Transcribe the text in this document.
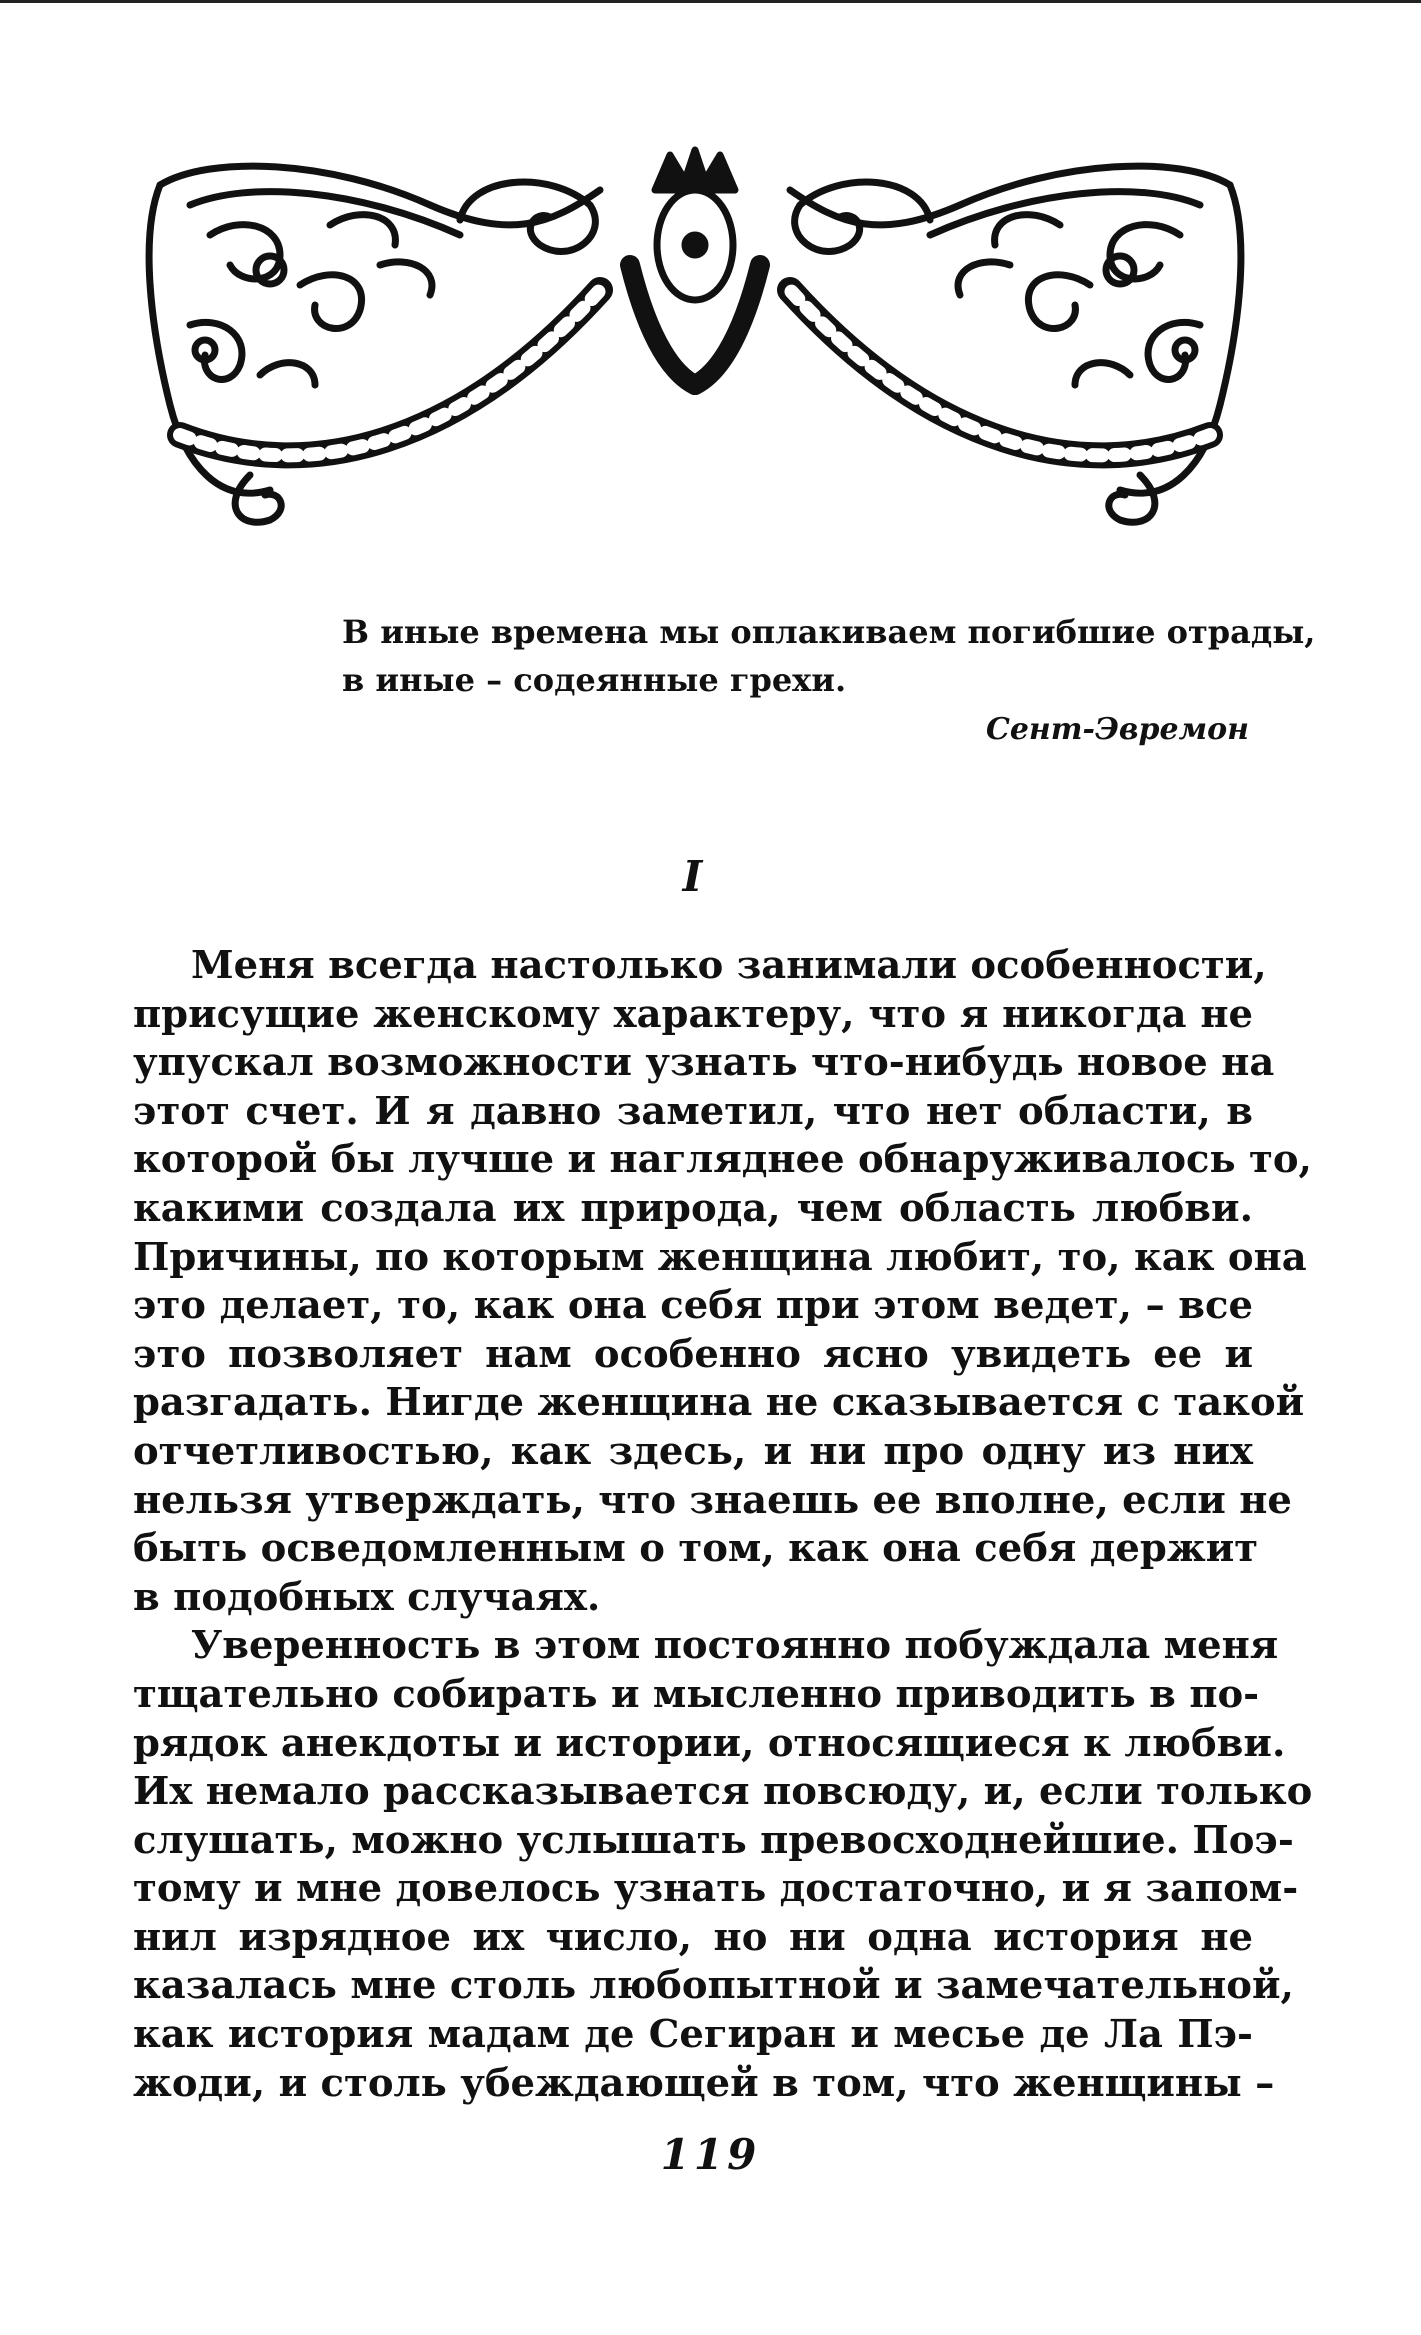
В иные времена мы оплакиваем погибшие отрады,
в иные – содеянные грехи.
Сент-Эвремон
I
Меня всегда настолько занимали особенности,
присущие женскому характеру, что я никогда не
упускал возможности узнать что-нибудь новое на
этот счет. И я давно заметил, что нет области, в
которой бы лучше и нагляднее обнаруживалось то,
какими создала их природа, чем область любви.
Причины, по которым женщина любит, то, как она
это делает, то, как она себя при этом ведет, – все
это позволяет нам особенно ясно увидеть ее и
разгадать. Нигде женщина не сказывается с такой
отчетливостью, как здесь, и ни про одну из них
нельзя утверждать, что знаешь ее вполне, если не
быть осведомленным о том, как она себя держит
в подобных случаях.
Уверенность в этом постоянно побуждала меня
тщательно собирать и мысленно приводить в по-
рядок анекдоты и истории, относящиеся к любви.
Их немало рассказывается повсюду, и, если только
слушать, можно услышать превосходнейшие. Поэ-
тому и мне довелось узнать достаточно, и я запом-
нил изрядное их число, но ни одна история не
казалась мне столь любопытной и замечательной,
как история мадам де Сегиран и месье де Ла Пэ-
жоди, и столь убеждающей в том, что женщины –
119
